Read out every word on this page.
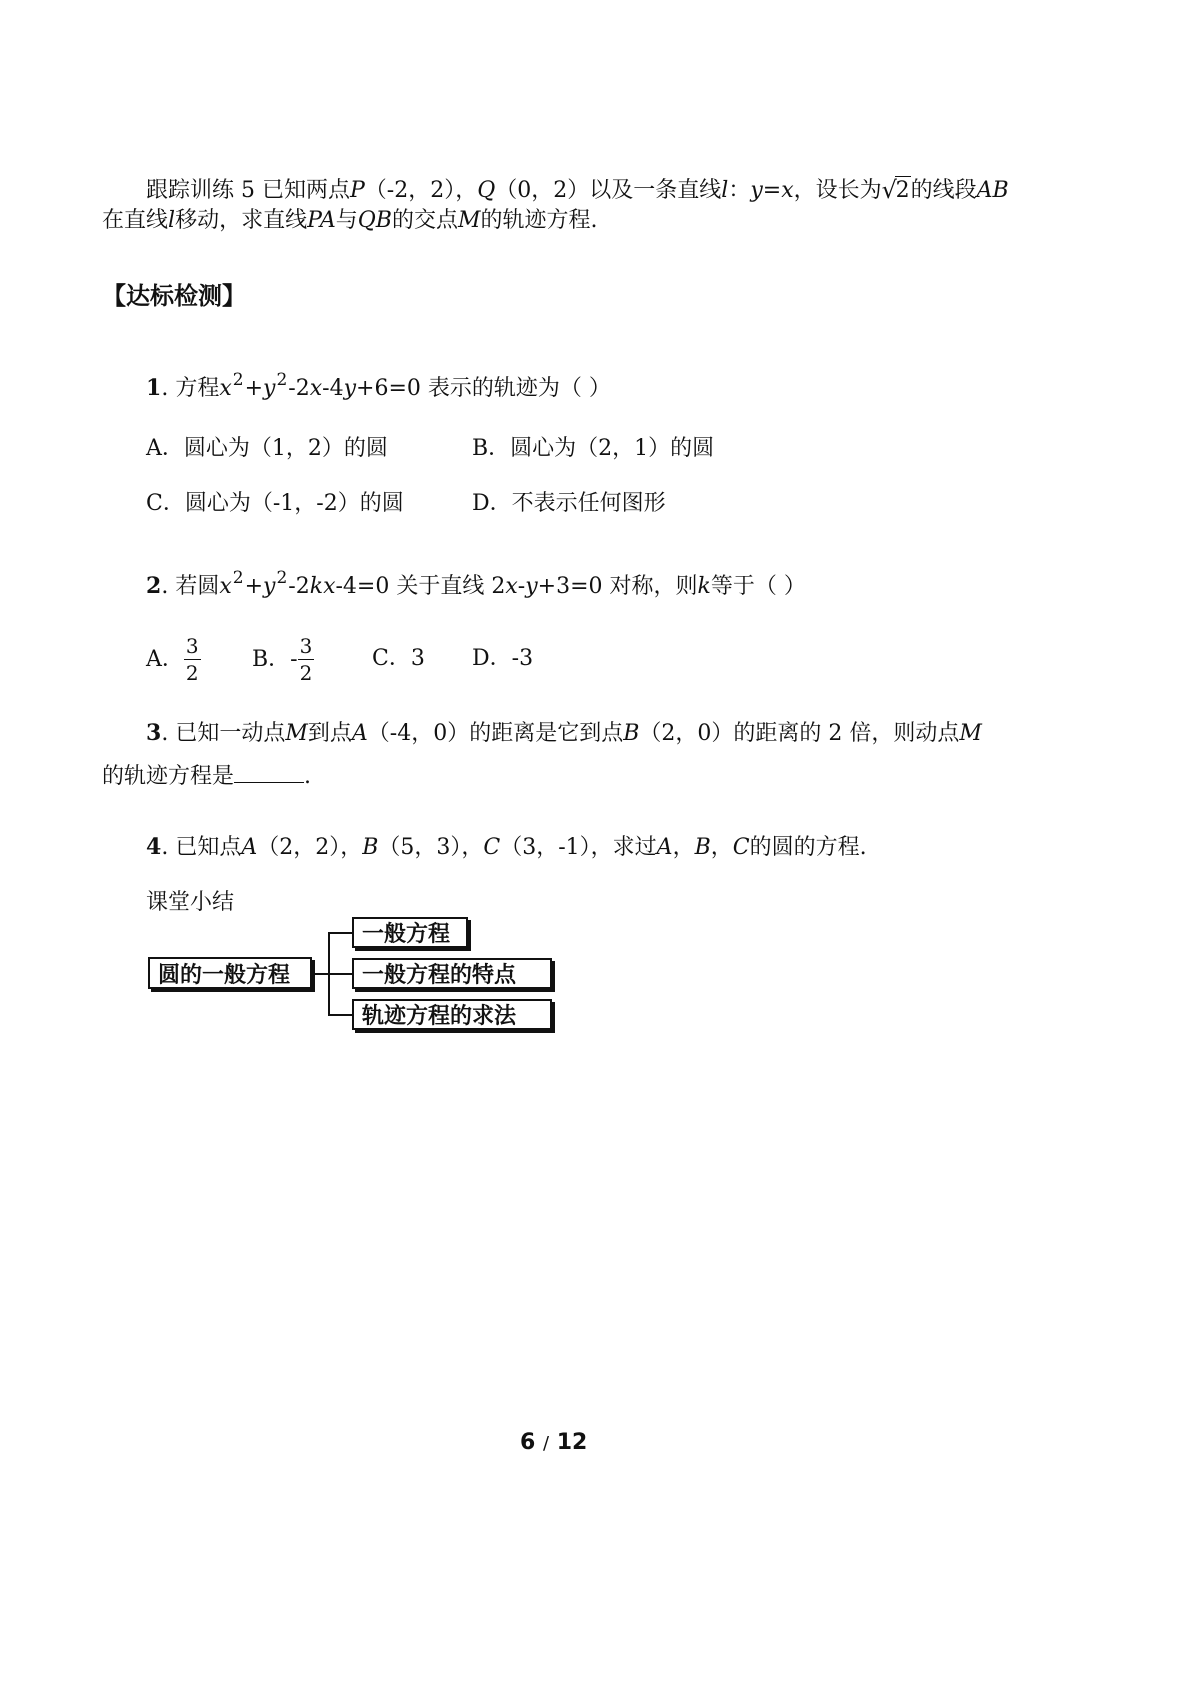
跟踪训练 5 已知两点P（-2，2），Q（0，2）以及一条直线l：y=x，设长为 √
2的线段AB
在直线l移动，求直线PA与QB的交点M的轨迹方程.
【达标检测】
1. 方程$x^2+y^2-2x-4y+6=0$ 表示的轨迹为（ ）
A．圆心为（1，2）的圆	B．圆心为（2，1）的圆
C．圆心为（-1，-2）的圆	D．不表示任何图形
2. 若圆$x^2+y^2-2kx-4=0$ 关于直线 2x-y+3=0 对称，则k等于（ ）
A． $\frac{3}{2}$ B．- $\frac{3}{2}$	C．3 D．-3
3. 已知一动点M到点A（-4，0）的距离是它到点B（2，0）的距离的 2 倍，则动点M
的轨迹方程是	.
4. 已知点A（2，2），B（5，3），C（3，-1），求过A，B，C的圆的方程.
课堂小结
圆的一般方程
一般方程
一般方程的特点
轨迹方程的求法
6 / 12
